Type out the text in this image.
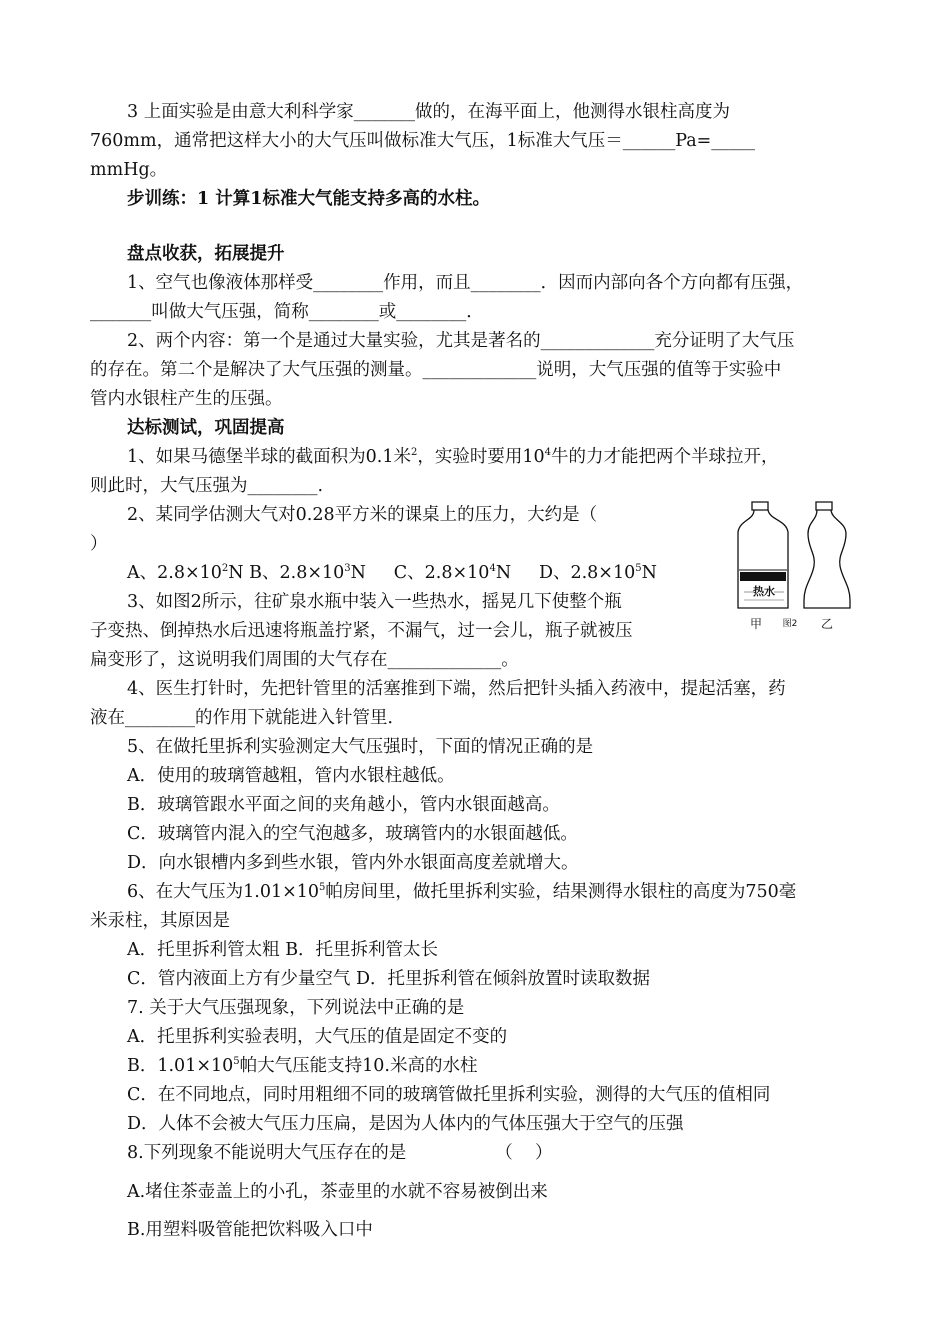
3 上面实验是由意大利科学家_______做的，在海平面上，他测得水银柱高度为
760mm，通常把这样大小的大气压叫做标准大气压，1标准大气压＝______Pa=_____
mmHg。
步训练：1 计算1标准大气能支持多高的水柱。
盘点收获，拓展提升
1、空气也像液体那样受________作用，而且________．因而内部向各个方向都有压强，
_______叫做大气压强，简称________或________．
2、两个内容：第一个是通过大量实验，尤其是著名的_____________充分证明了大气压
的存在。第二个是解决了大气压强的测量。_____________说明，大气压强的值等于实验中
管内水银柱产生的压强。
达标测试，巩固提高
1、如果马德堡半球的截面积为0.1米$^2$，实验时要用$10^4$牛的力才能把两个半球拉开，
则此时，大气压强为________.
2、某同学估测大气对0.28平方米的课桌上的压力，大约是（
）
A、$2.8\times 10^2N$ B、$2.8\times 10^3N$     C、$2.8\times 10^4N$     D、$2.8\times 10^5N$
3、如图2所示，往矿泉水瓶中装入一些热水，摇晃几下使整个瓶
子变热、倒掉热水后迅速将瓶盖拧紧，不漏气，过一会儿，瓶子就被压
扁变形了，这说明我们周围的大气存在_____________。
4、医生打针时，先把针管里的活塞推到下端，然后把针头插入药液中，提起活塞，药
液在________的作用下就能进入针管里．
5、在做托里拆利实验测定大气压强时，下面的情况正确的是
A．使用的玻璃管越粗，管内水银柱越低。
B．玻璃管跟水平面之间的夹角越小，管内水银面越高。
C．玻璃管内混入的空气泡越多，玻璃管内的水银面越低。
D．向水银槽内多到些水银，管内外水银面高度差就增大。
6、在大气压为$1.01\times 10^5$帕房间里，做托里拆利实验，结果测得水银柱的高度为750毫
米汞柱，其原因是
A．托里拆利管太粗 B．托里拆利管太长
C．管内液面上方有少量空气 D．托里拆利管在倾斜放置时读取数据
7. 关于大气压强现象，下列说法中正确的是
A．托里拆利实验表明，大气压的值是固定不变的
B．$1.01\times 10^5$帕大气压能支持10.米高的水柱
C．在不同地点，同时用粗细不同的玻璃管做托里拆利实验，测得的大气压的值相同
D．人体不会被大气压力压扁，是因为人体内的气体压强大于空气的压强
8.下列现象不能说明大气压存在的是                （    ）
A.堵住茶壶盖上的小孔，茶壶里的水就不容易被倒出来
B.用塑料吸管能把饮料吸入口中
热水
甲 图2 乙
